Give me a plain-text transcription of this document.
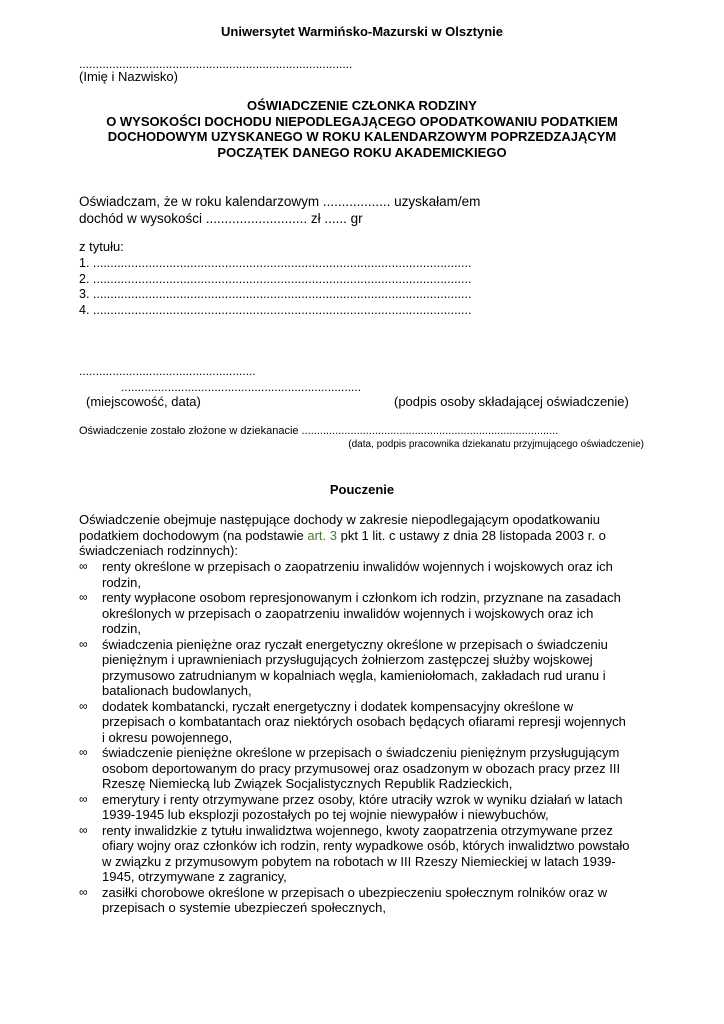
Uniwersytet Warmińsko-Mazurski w Olsztynie
..................................................................................
(Imię i Nazwisko)
OŚWIADCZENIE CZŁONKA RODZINY
O WYSOKOŚCI DOCHODU NIEPODLEGAJĄCEGO OPODATKOWANIU PODATKIEM
DOCHODOWYM UZYSKANEGO W ROKU KALENDARZOWYM POPRZEDZAJĄCYM
POCZĄTEK DANEGO ROKU AKADEMICKIEGO
Oświadczam, że w roku kalendarzowym .................. uzyskałam/em
dochód w wysokości ........................... zł ...... gr
z tytułu:
1. .............................................................................................................
2. .............................................................................................................
3. .............................................................................................................
4. .............................................................................................................
.....................................................
........................................................................
(miejscowość, data)	(podpis osoby składającej oświadczenie)
Oświadczenie zostało złożone w dziekanacie ....................................................................................
(data, podpis pracownika dziekanatu przyjmującego oświadczenie)
Pouczenie
Oświadczenie obejmuje następujące dochody w zakresie niepodlegającym opodatkowaniu
podatkiem dochodowym (na podstawie art. 3 pkt 1 lit. c ustawy z dnia 28 listopada 2003 r. o
świadczeniach rodzinnych):
∞ renty określone w przepisach o zaopatrzeniu inwalidów wojennych i wojskowych oraz ich
rodzin,
∞ renty wypłacone osobom represjonowanym i członkom ich rodzin, przyznane na zasadach
określonych w przepisach o zaopatrzeniu inwalidów wojennych i wojskowych oraz ich
rodzin,
∞ świadczenia pieniężne oraz ryczałt energetyczny określone w przepisach o świadczeniu
pieniężnym i uprawnieniach przysługujących żołnierzom zastępczej służby wojskowej
przymusowo zatrudnianym w kopalniach węgla, kamieniołomach, zakładach rud uranu i
batalionach budowlanych,
∞ dodatek kombatancki, ryczałt energetyczny i dodatek kompensacyjny określone w
przepisach o kombatantach oraz niektórych osobach będących ofiarami represji wojennych
i okresu powojennego,
∞ świadczenie pieniężne określone w przepisach o świadczeniu pieniężnym przysługującym
osobom deportowanym do pracy przymusowej oraz osadzonym w obozach pracy przez III
Rzeszę Niemiecką lub Związek Socjalistycznych Republik Radzieckich,
∞ emerytury i renty otrzymywane przez osoby, które utraciły wzrok w wyniku działań w latach
1939-1945 lub eksplozji pozostałych po tej wojnie niewypałów i niewybuchów,
∞ renty inwalidzkie z tytułu inwalidztwa wojennego, kwoty zaopatrzenia otrzymywane przez
ofiary wojny oraz członków ich rodzin, renty wypadkowe osób, których inwalidztwo powstało
w związku z przymusowym pobytem na robotach w III Rzeszy Niemieckiej w latach 1939-
1945, otrzymywane z zagranicy,
∞ zasiłki chorobowe określone w przepisach o ubezpieczeniu społecznym rolników oraz w
przepisach o systemie ubezpieczeń społecznych,
